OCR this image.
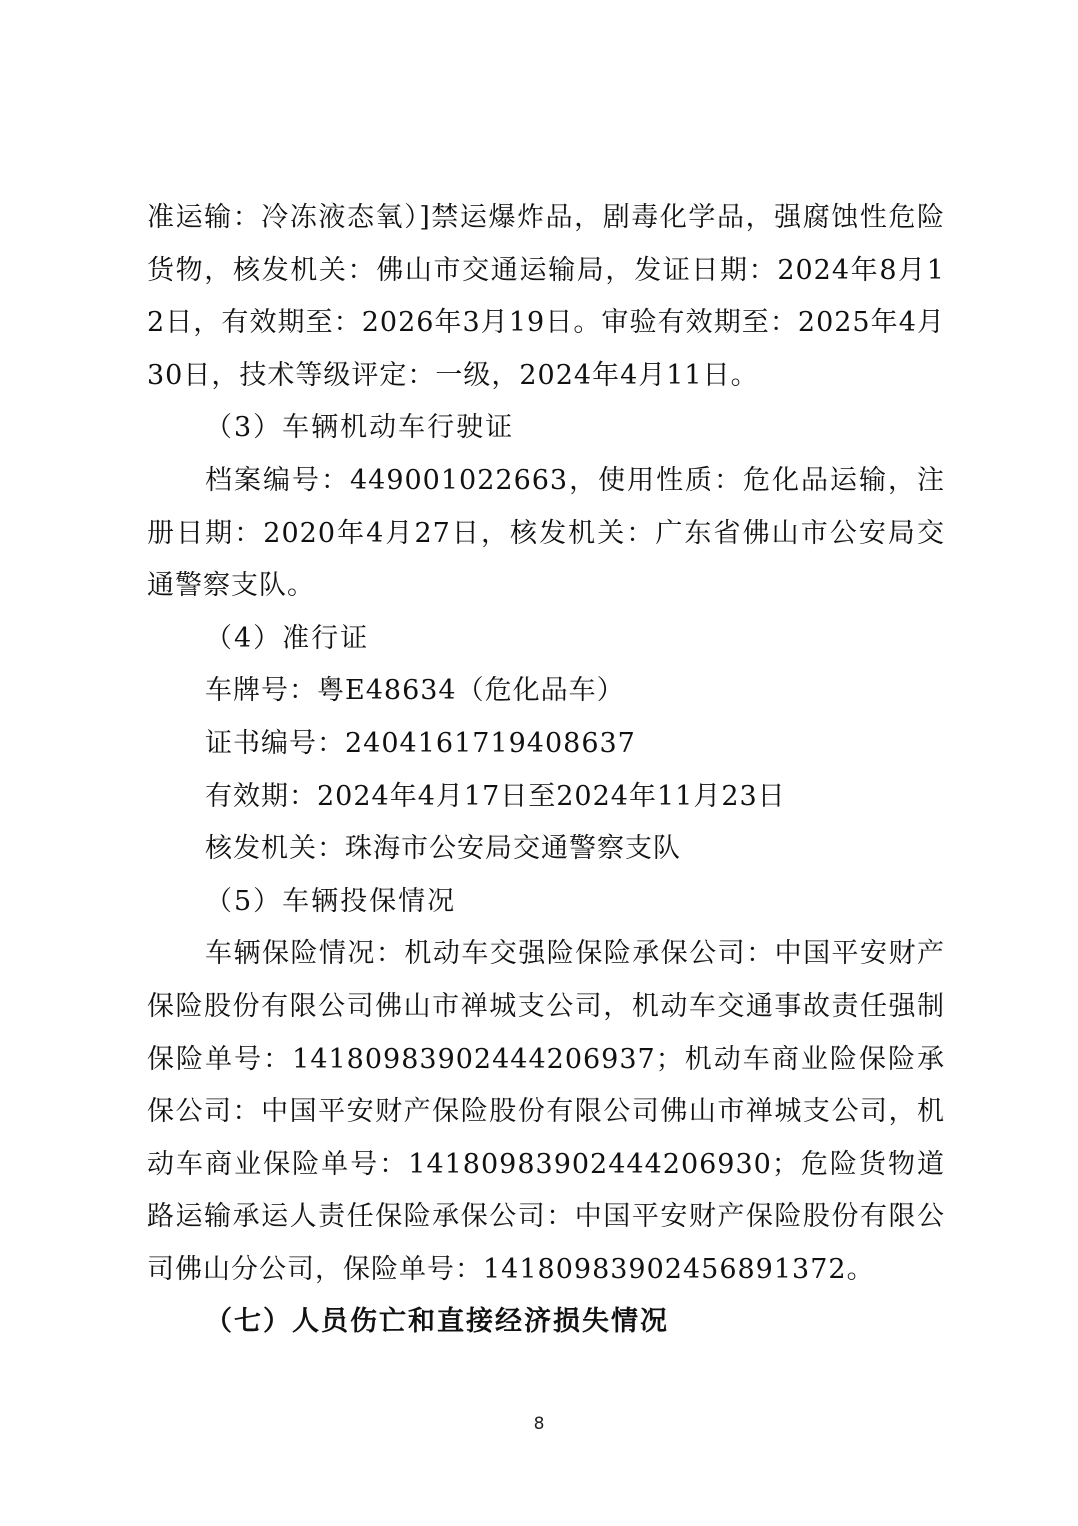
准运输：冷冻液态氧）]禁运爆炸品，剧毒化学品，强腐蚀性危险货物，核发机关：佛山市交通运输局，发证日期：2024年8月12日，有效期至：2026年3月19日。审验有效期至：2025年4月30日，技术等级评定：一级，2024年4月11日。

（3）车辆机动车行驶证

档案编号：449001022663，使用性质：危化品运输，注册日期：2020年4月27日，核发机关：广东省佛山市公安局交通警察支队。

（4）准行证

车牌号：粤E48634（危化品车）

证书编号：2404161719408637

有效期：2024年4月17日至2024年11月23日

核发机关：珠海市公安局交通警察支队

（5）车辆投保情况

车辆保险情况：机动车交强险保险承保公司：中国平安财产保险股份有限公司佛山市禅城支公司，机动车交通事故责任强制保险单号：14180983902444206937；机动车商业险保险承保公司：中国平安财产保险股份有限公司佛山市禅城支公司，机动车商业保险单号：14180983902444206930；危险货物道路运输承运人责任保险承保公司：中国平安财产保险股份有限公司佛山分公司，保险单号：14180983902456891372。

（七）人员伤亡和直接经济损失情况

8
